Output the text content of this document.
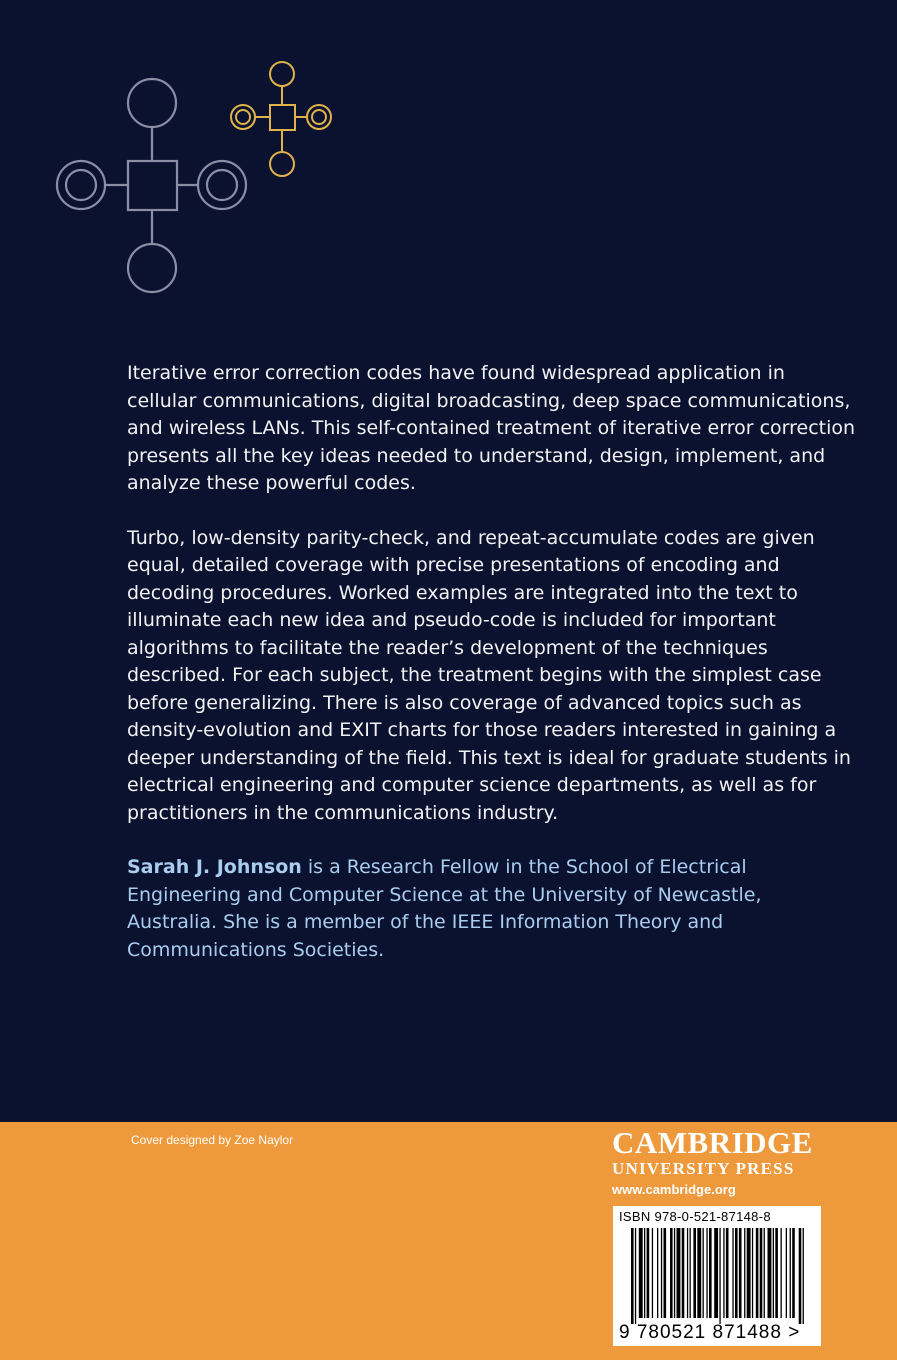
Iterative error correction codes have found widespread application in cellular communications, digital broadcasting, deep space communications, and wireless LANs. This self-contained treatment of iterative error correction presents all the key ideas needed to understand, design, implement, and analyze these powerful codes.

Turbo, low-density parity-check, and repeat-accumulate codes are given equal, detailed coverage with precise presentations of encoding and decoding procedures. Worked examples are integrated into the text to illuminate each new idea and pseudo-code is included for important algorithms to facilitate the reader’s development of the techniques described. For each subject, the treatment begins with the simplest case before generalizing. There is also coverage of advanced topics such as density-evolution and EXIT charts for those readers interested in gaining a deeper understanding of the field. This text is ideal for graduate students in electrical engineering and computer science departments, as well as for practitioners in the communications industry.

Sarah J. Johnson is a Research Fellow in the School of Electrical Engineering and Computer Science at the University of Newcastle, Australia. She is a member of the IEEE Information Theory and Communications Societies.

Cover designed by Zoe Naylor	CAMBRIDGE
UNIVERSITY PRESS
www.cambridge.org
ISBN 978-0-521-87148-8
9 780521 871488 >
